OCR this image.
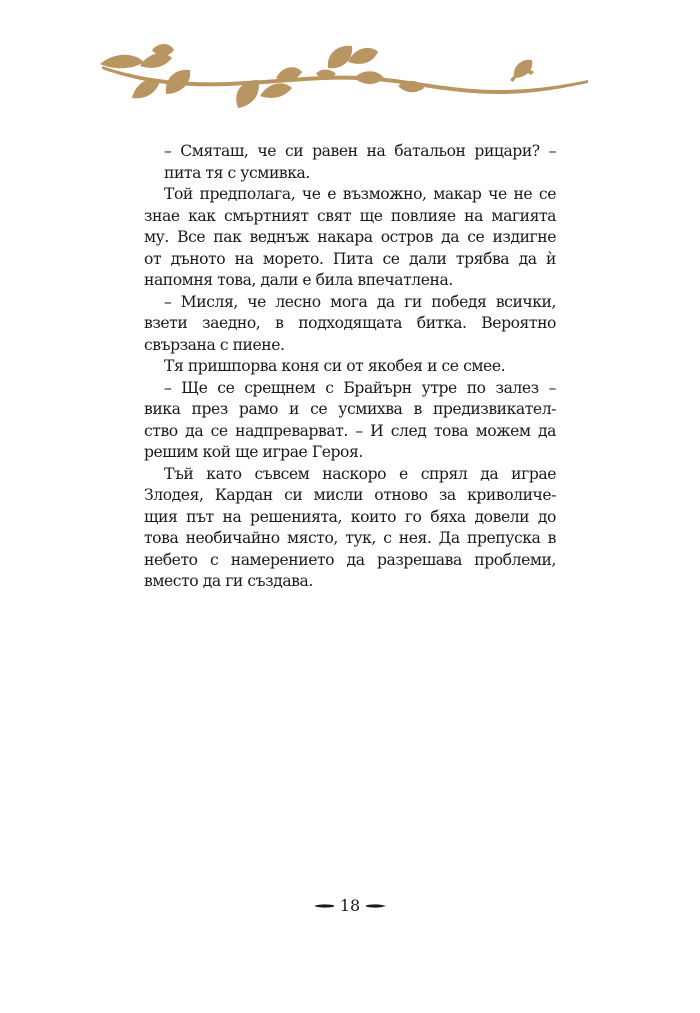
– Смяташ, че си равен на батальон рицари? –
пита тя с усмивка.

Той предполага, че е възможно, макар че не се
знае как смъртният свят ще повлияе на магията
му. Все пак веднъж накара остров да се издигне
от дъното на морето. Пита се дали трябва да ѝ
напомня това, дали е била впечатлена.

– Мисля, че лесно мога да ги победя всички,
взети заедно, в подходящата битка. Вероятно
свързана с пиене.

Тя пришпорва коня си от якобея и се смее.

– Ще се срещнем с Брайърн утре по залез –
вика през рамо и се усмихва в предизвикател-
ство да се надпреварват. – И след това можем да
решим кой ще играе Героя.

Тъй като съвсем наскоро е спрял да играе
Злодея, Кардан си мисли отново за криволиче-
щия път на решенията, които го бяха довели до
това необичайно място, тук, с нея. Да препуска в
небето с намерението да разрешава проблеми,
вместо да ги създава.

18
